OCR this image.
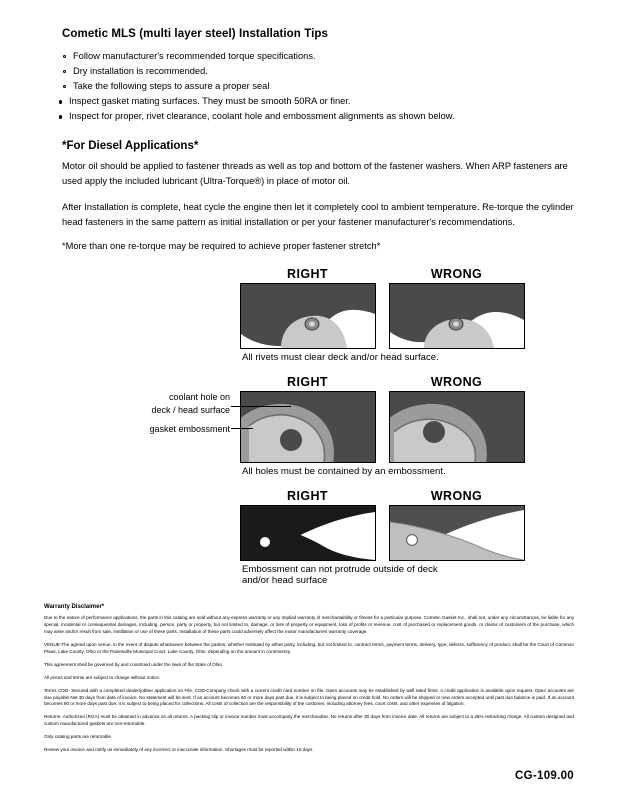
Cometic MLS (multi layer steel) Installation Tips
Follow manufacturer's recommended torque specifications.
Dry installation is recommended.
Take the following steps to assure a proper seal
Inspect gasket mating surfaces. They must be smooth 50RA or finer.
Inspect for proper, rivet clearance, coolant hole and embossment alignments as shown below.
*For Diesel Applications*

Motor oil should be applied to fastener threads as well as top and bottom of the fastener washers. When ARP fasteners are used apply the included lubricant (Ultra-Torque®) in place of motor oil.

After Installation is complete, heat cycle the engine then let it completely cool to ambient temperature. Re-torque the cylinder head fasteners in the same pattern as initial installation or per your fastener manufacturer's recommendations.

*More than one re-torque may be required to achieve proper fastener stretch*

RIGHT	WRONG
All rivets must clear deck and/or head surface.
RIGHT	WRONG
All holes must be contained by an embossment.
coolant hole on
deck / head surface
gasket embossment
RIGHT	WRONG
Embossment can not protrude outside of deck
and/or head surface
Warranty Disclaimer*

Due to the nature of performance applications, the parts in this catalog are sold without any express warranty or any implied warranty of merchantability or fitness for a particular purpose. Cometic Gasket Inc., shall not, under any circumstances, be liable for any special, incidental or consequential damages, including, person, party or property, but not limited to, damage, or loss of property or equipment, loss of profits or revenue, cost of purchased or replacement goods, or claims of customers of the purchase, which may arise and/or result from sale, instillation or use of these parts. Installation of these parts could adversely affect the motor manufacturers warranty coverage.

VENUE-The agreed upon venue, in the event of dispute whatsoever between the parties, whether instituted by either party, including, but not limited to, contract terms, payment terms, delivery, type, defects, sufficiency of product, shall be the Court of Common Pleas, Lake County, Ohio or the Painesville Municipal Court, Lake County, Ohio, depending on the amount in controversy.

This agreement shall be governed by and construed under the laws of the State of Ohio.

All prices and terms are subject to change without notice.

Terms COD- Secured with a completed dealer/jobber application on File, COD-Company check with a current credit card number on file. Open accounts may be established by well rated firms. A credit application is available upon request. Open accounts are due payable Net 30 days from date of invoice. No statement will be sent. If an account becomes 60 or more days past due, it is subject to being placed on credit hold. No orders will be shipped or new orders accepted until past due balance is paid. If an account becomes 90 or more days past due, it is subject to being placed for collections. All costs of collection are the responsibility of the customer, including attorney fees, court costs, and other expenses of litigation.

Returns- Authorized (RGA) must be obtained in advance on all returns. A packing slip or invoice number must accompany the merchandise. No returns after 30 days from invoice date. All returns are subject to a 25% restocking charge. All custom designed and custom manufactured gaskets are non-returnable.

Only catalog parts are returnable.

Review your invoice and notify us immediately of any incorrect or inaccurate information. Shortages must be reported within 10 days.

CG-109.00
